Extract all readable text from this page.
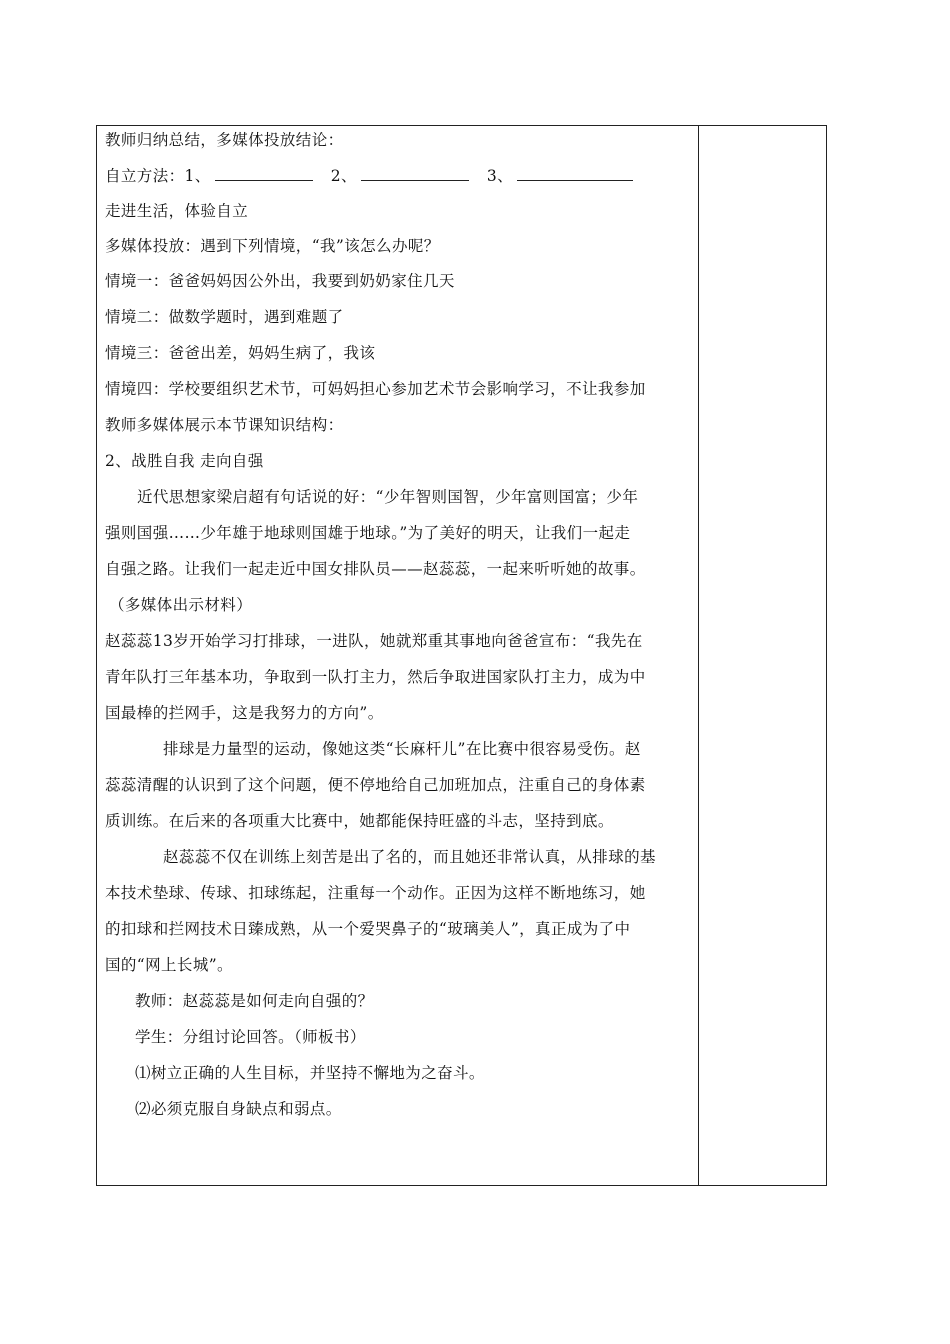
教师归纳总结，多媒体投放结论：
自立方法：1、	2、	3、
走进生活，体验自立
多媒体投放：遇到下列情境，“我”该怎么办呢？
情境一：爸爸妈妈因公外出，我要到奶奶家住几天
情境二：做数学题时，遇到难题了
情境三：爸爸出差，妈妈生病了，我该
情境四：学校要组织艺术节，可妈妈担心参加艺术节会影响学习，不让我参加
教师多媒体展示本节课知识结构：
2、战胜自我 走向自强
近代思想家梁启超有句话说的好：“少年智则国智，少年富则国富；少年
强则国强……少年雄于地球则国雄于地球。”为了美好的明天，让我们一起走
自强之路。让我们一起走近中国女排队员——赵蕊蕊，一起来听听她的故事。
（多媒体出示材料）
赵蕊蕊13岁开始学习打排球，一进队，她就郑重其事地向爸爸宣布：“我先在
青年队打三年基本功，争取到一队打主力，然后争取进国家队打主力，成为中
国最棒的拦网手，这是我努力的方向”。
排球是力量型的运动，像她这类“长麻杆儿”在比赛中很容易受伤。赵
蕊蕊清醒的认识到了这个问题，便不停地给自己加班加点，注重自己的身体素
质训练。在后来的各项重大比赛中，她都能保持旺盛的斗志，坚持到底。
赵蕊蕊不仅在训练上刻苦是出了名的，而且她还非常认真，从排球的基
本技术垫球、传球、扣球练起，注重每一个动作。正因为这样不断地练习，她
的扣球和拦网技术日臻成熟，从一个爱哭鼻子的“玻璃美人”，真正成为了中
国的“网上长城”。
教师：赵蕊蕊是如何走向自强的？
学生：分组讨论回答。（师板书）
⑴树立正确的人生目标，并坚持不懈地为之奋斗。
⑵必须克服自身缺点和弱点。
